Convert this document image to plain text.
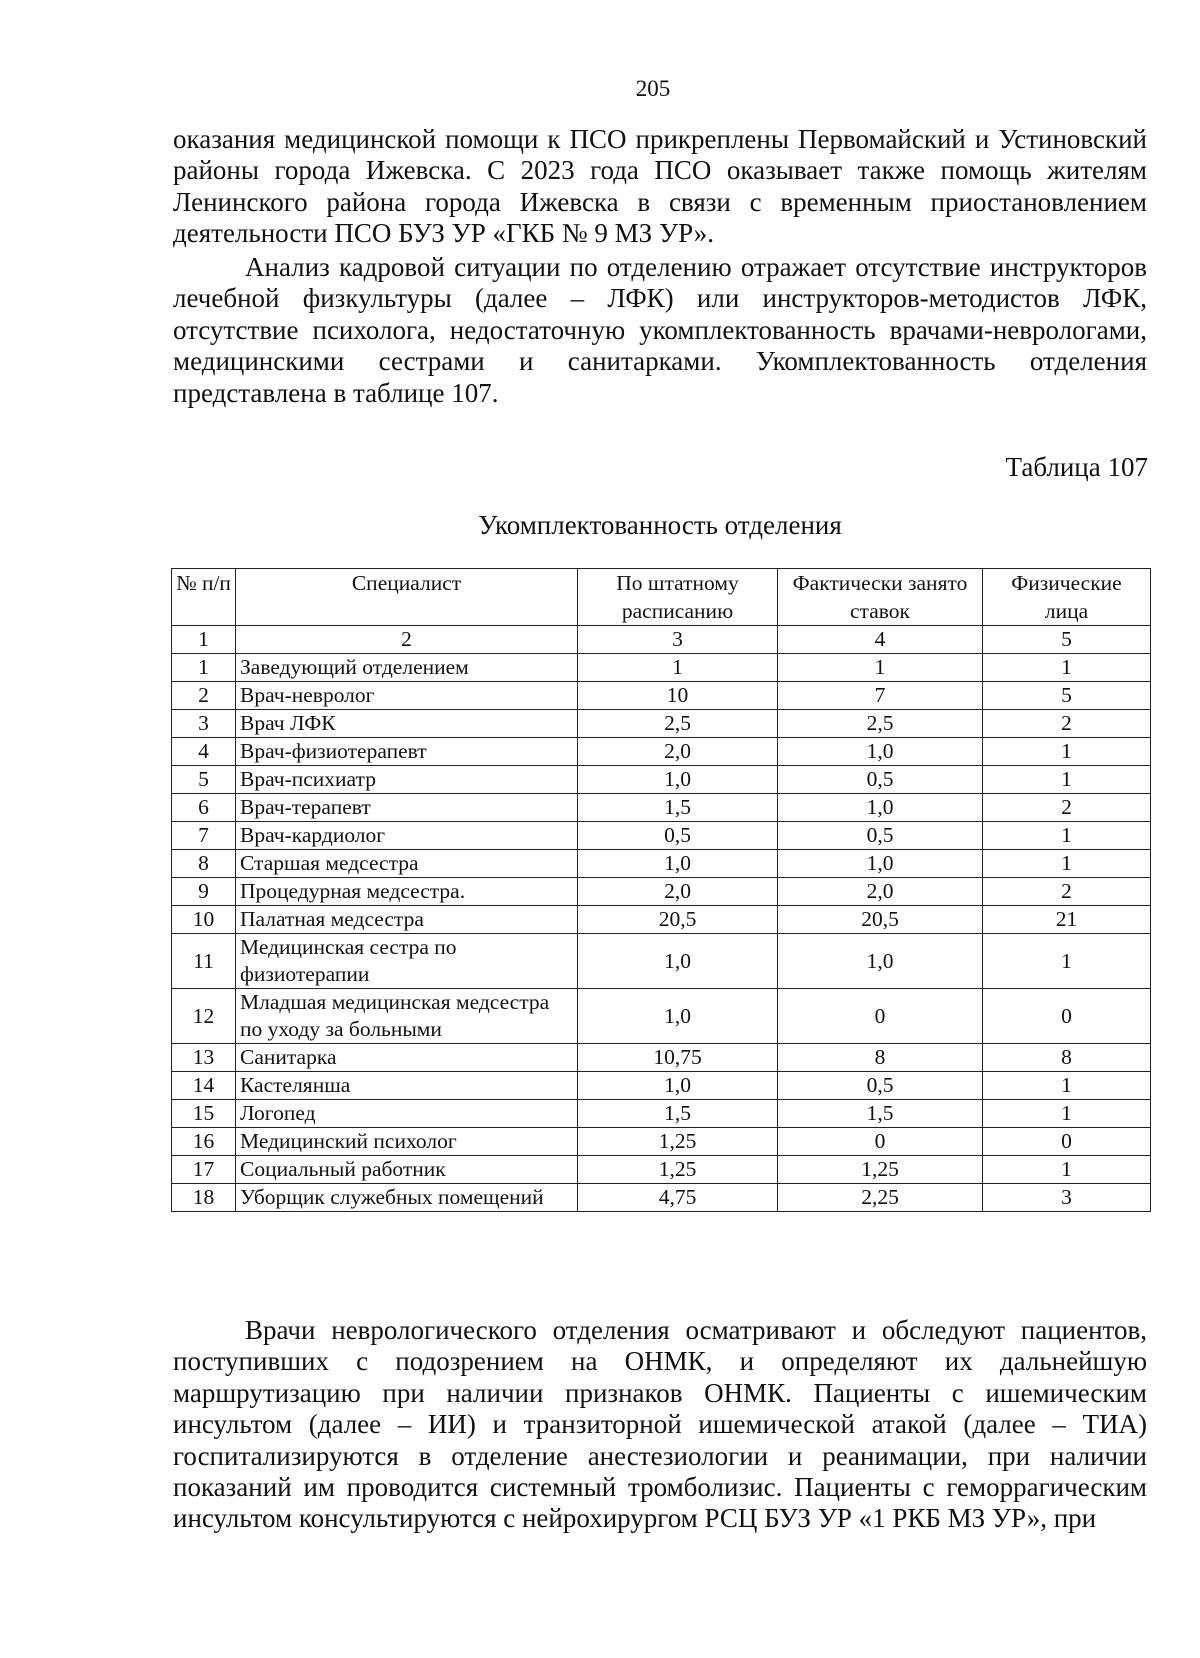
205

оказания медицинской помощи к ПСО прикреплены Первомайский и Устиновский районы города Ижевска. С 2023 года ПСО оказывает также помощь жителям Ленинского района города Ижевска в связи с временным приостановлением деятельности ПСО БУЗ УР «ГКБ № 9 МЗ УР».

Анализ кадровой ситуации по отделению отражает отсутствие инструкторов лечебной физкультуры (далее – ЛФК) или инструкторов-методистов ЛФК, отсутствие психолога, недостаточную укомплектованность врачами-неврологами, медицинскими сестрами и санитарками. Укомплектованность отделения представлена в таблице 107.

Таблица 107
Укомплектованность отделения
№ п/п	Специалист	По штатному расписанию	Фактически занято ставок	Физические лица
1	2	3	4	5
1	Заведующий отделением	1	1	1
2	Врач-невролог	10	7	5
3	Врач ЛФК	2,5	2,5	2
4	Врач-физиотерапевт	2,0	1,0	1
5	Врач-психиатр	1,0	0,5	1
6	Врач-терапевт	1,5	1,0	2
7	Врач-кардиолог	0,5	0,5	1
8	Старшая медсестра	1,0	1,0	1
9	Процедурная медсестра.	2,0	2,0	2
10	Палатная медсестра	20,5	20,5	21
11	Медицинская сестра по физиотерапии	1,0	1,0	1
12	Младшая медицинская медсестра по уходу за больными	1,0	0	0
13	Санитарка	10,75	8	8
14	Кастелянша	1,0	0,5	1
15	Логопед	1,5	1,5	1
16	Медицинский психолог	1,25	0	0
17	Социальный работник	1,25	1,25	1
18	Уборщик служебных помещений	4,75	2,25	3

Врачи неврологического отделения осматривают и обследуют пациентов, поступивших с подозрением на ОНМК, и определяют их дальнейшую маршрутизацию при наличии признаков ОНМК. Пациенты с ишемическим инсультом (далее – ИИ) и транзиторной ишемической атакой (далее – ТИА) госпитализируются в отделение анестезиологии и реанимации, при наличии показаний им проводится системный тромболизис. Пациенты с геморрагическим инсультом консультируются с нейрохирургом РСЦ БУЗ УР «1 РКБ МЗ УР», при
